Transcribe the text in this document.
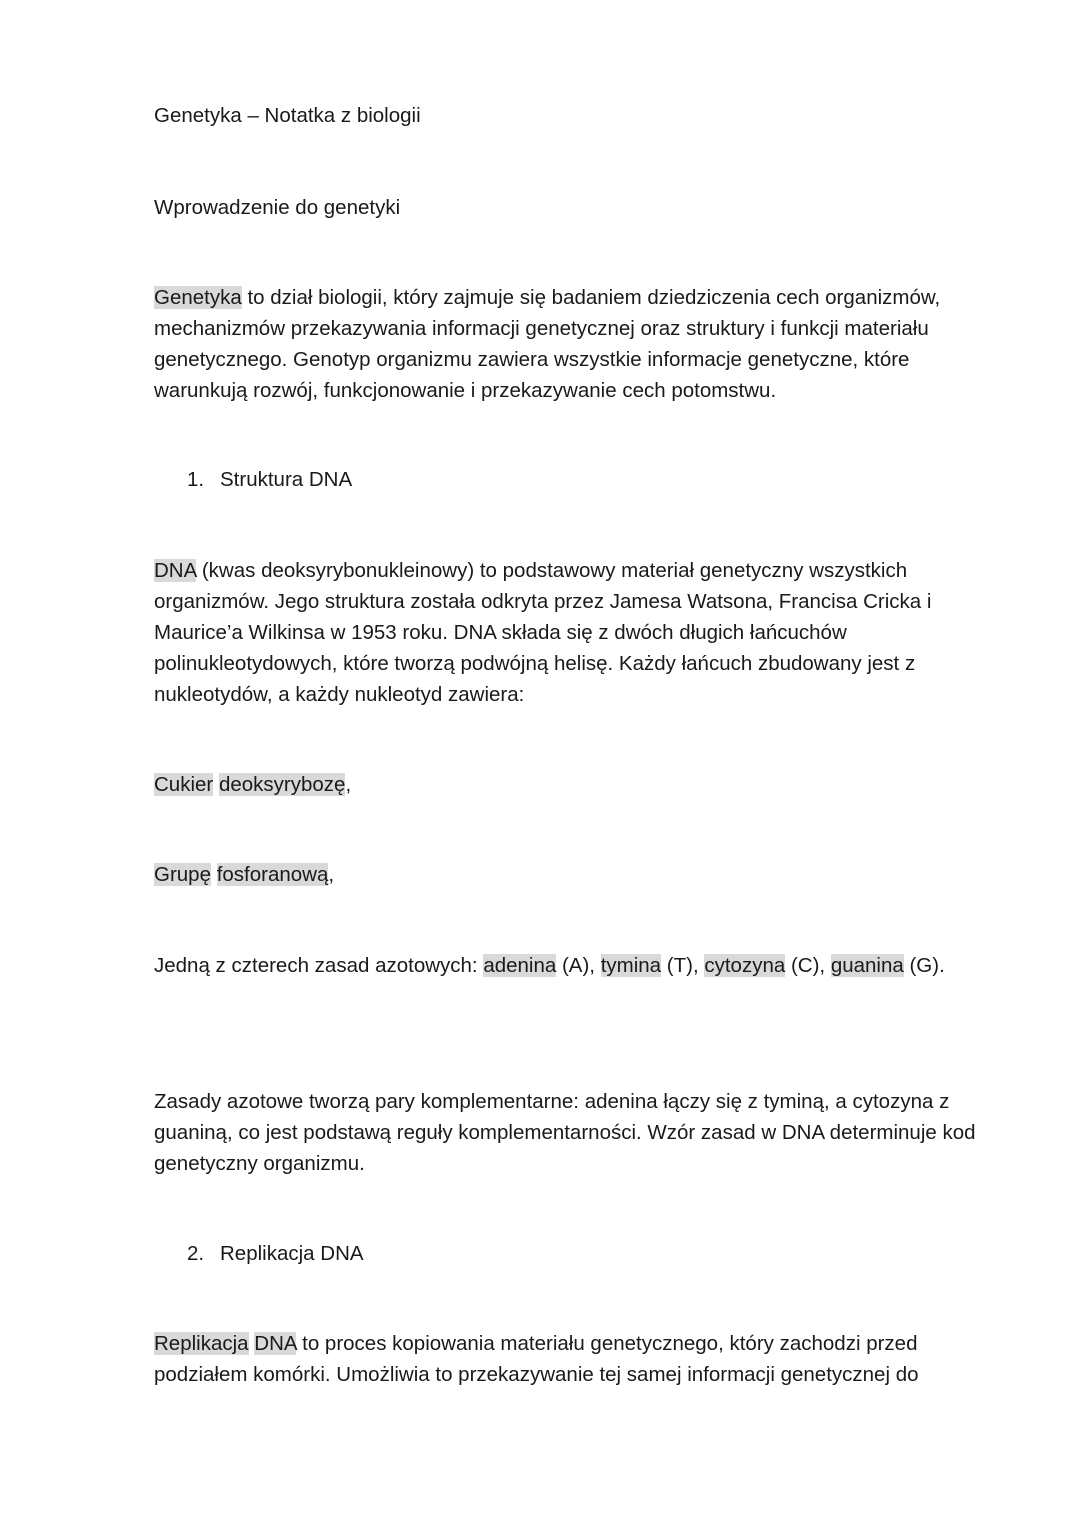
Genetyka – Notatka z biologii
Wprowadzenie do genetyki
Genetyka to dział biologii, który zajmuje się badaniem dziedziczenia cech organizmów,
mechanizmów przekazywania informacji genetycznej oraz struktury i funkcji materiału
genetycznego. Genotyp organizmu zawiera wszystkie informacje genetyczne, które
warunkują rozwój, funkcjonowanie i przekazywanie cech potomstwu.
1. Struktura DNA
DNA (kwas deoksyrybonukleinowy) to podstawowy materiał genetyczny wszystkich
organizmów. Jego struktura została odkryta przez Jamesa Watsona, Francisa Cricka i
Maurice’a Wilkinsa w 1953 roku. DNA składa się z dwóch długich łańcuchów
polinukleotydowych, które tworzą podwójną helisę. Każdy łańcuch zbudowany jest z
nukleotydów, a każdy nukleotyd zawiera:
Cukier deoksyrybozę,
Grupę fosforanową,
Jedną z czterech zasad azotowych: adenina (A), tymina (T), cytozyna (C), guanina (G).
Zasady azotowe tworzą pary komplementarne: adenina łączy się z tyminą, a cytozyna z
guaniną, co jest podstawą reguły komplementarności. Wzór zasad w DNA determinuje kod
genetyczny organizmu.
2. Replikacja DNA
Replikacja DNA to proces kopiowania materiału genetycznego, który zachodzi przed
podziałem komórki. Umożliwia to przekazywanie tej samej informacji genetycznej do
